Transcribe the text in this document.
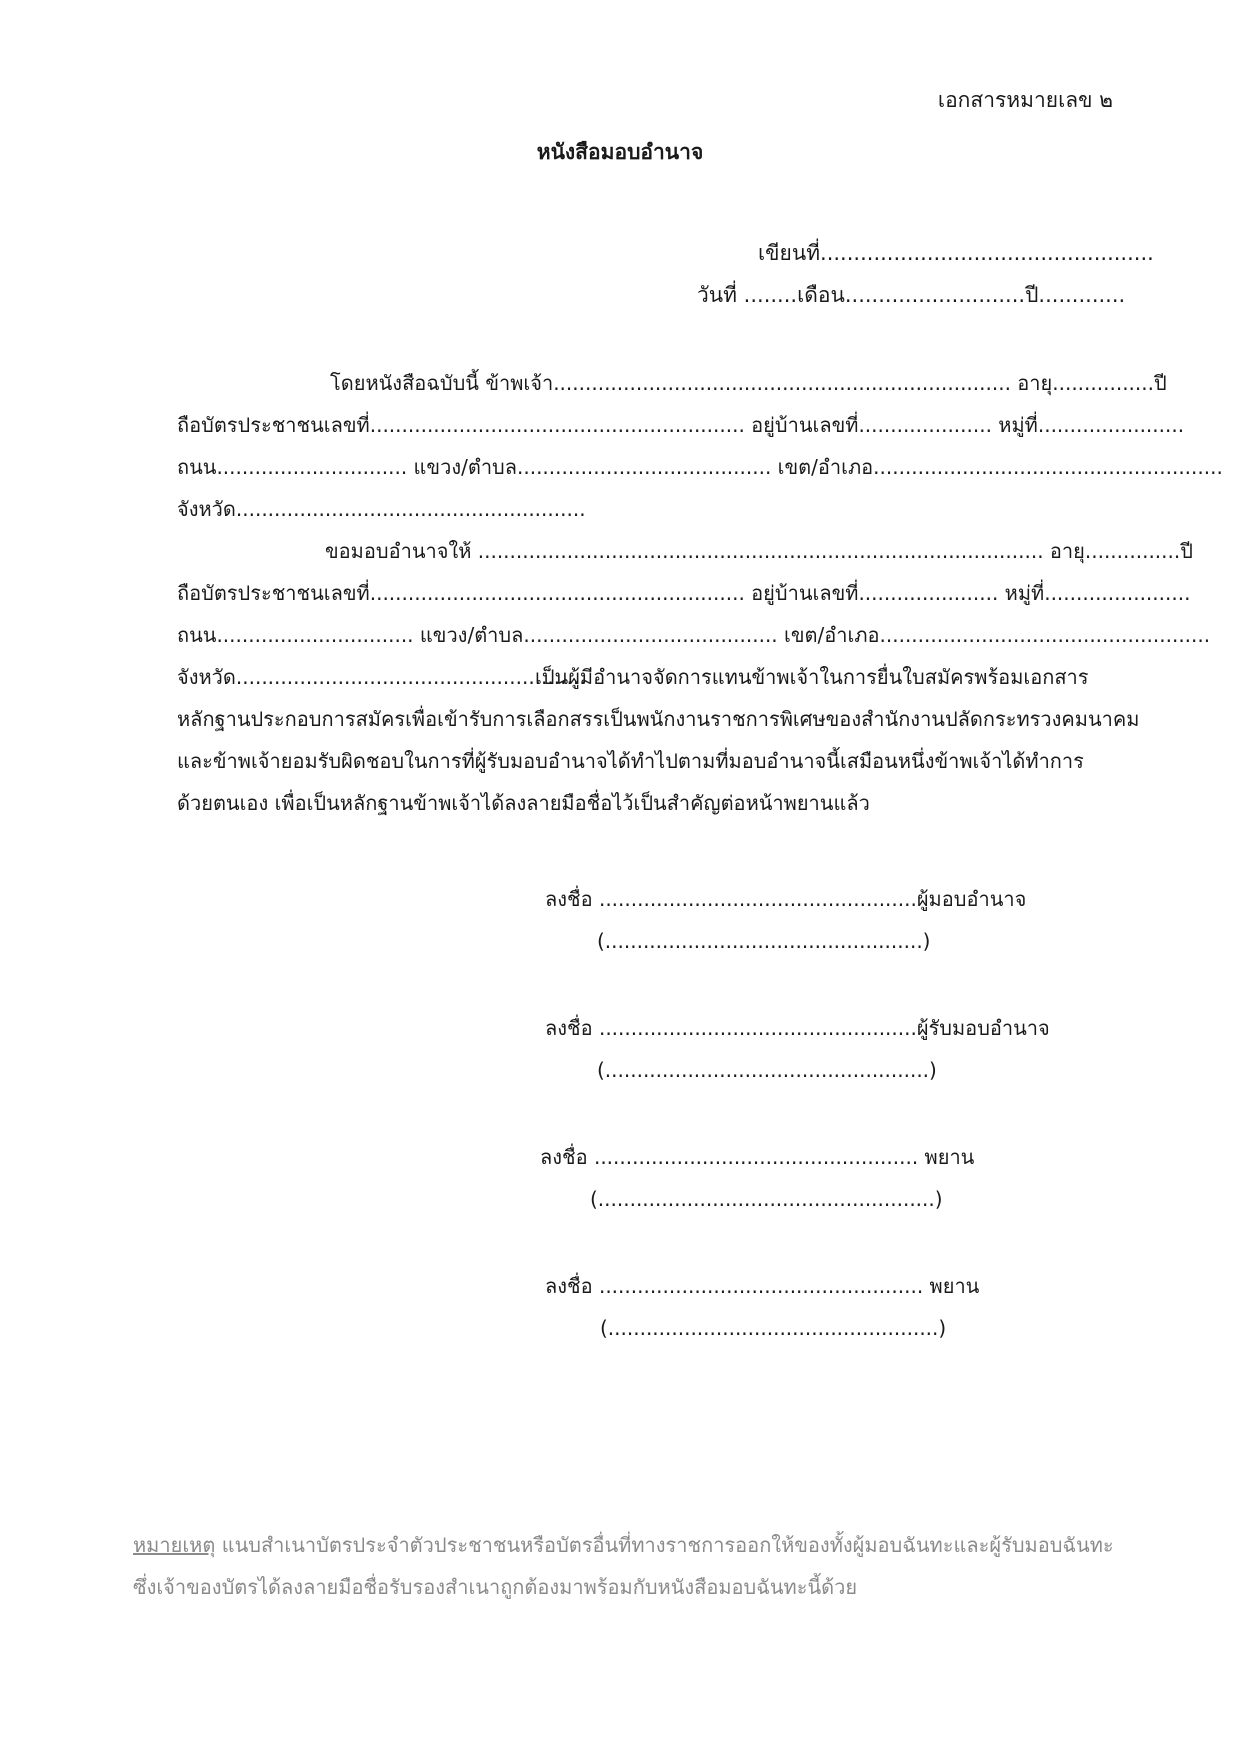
เอกสารหมายเลข ๒
หนังสือมอบอำนาจ
เขียนที่..................................................
วันที่ ........เดือน...........................ปี.............
โดยหนังสือฉบับนี้ ข้าพเจ้า........................................................................ อายุ................ปี
ถือบัตรประชาชนเลขที่........................................................... อยู่บ้านเลขที่..................... หมู่ที่.......................
ถนน.............................. แขวง/ตำบล........................................ เขต/อำเภอ.......................................................
จังหวัด.......................................................
ขอมอบอำนาจให้ ......................................................................................... อายุ...............ปี
ถือบัตรประชาชนเลขที่........................................................... อยู่บ้านเลขที่...................... หมู่ที่.......................
ถนน............................... แขวง/ตำบล........................................ เขต/อำเภอ....................................................
จังหวัด.......................................................
เป็นผู้มีอำนาจจัดการแทนข้าพเจ้าในการยื่นใบสมัครพร้อมเอกสาร
หลักฐานประกอบการสมัครเพื่อเข้ารับการเลือกสรรเป็นพนักงานราชการพิเศษของสำนักงานปลัดกระทรวงคมนาคม
และข้าพเจ้ายอมรับผิดชอบในการที่ผู้รับมอบอำนาจได้ทำไปตามที่มอบอำนาจนี้เสมือนหนึ่งข้าพเจ้าได้ทำการ
ด้วยตนเอง เพื่อเป็นหลักฐานข้าพเจ้าได้ลงลายมือชื่อไว้เป็นสำคัญต่อหน้าพยานแล้ว
ลงชื่อ ..................................................ผู้มอบอำนาจ
(..................................................)
ลงชื่อ ..................................................ผู้รับมอบอำนาจ
(...................................................)
ลงชื่อ ................................................... พยาน
(.....................................................)
ลงชื่อ ................................................... พยาน
(....................................................)
หมายเหตุ แนบสำเนาบัตรประจำตัวประชาชนหรือบัตรอื่นที่ทางราชการออกให้ของทั้งผู้มอบฉันทะและผู้รับมอบฉันทะ
ซึ่งเจ้าของบัตรได้ลงลายมือชื่อรับรองสำเนาถูกต้องมาพร้อมกับหนังสือมอบฉันทะนี้ด้วย
